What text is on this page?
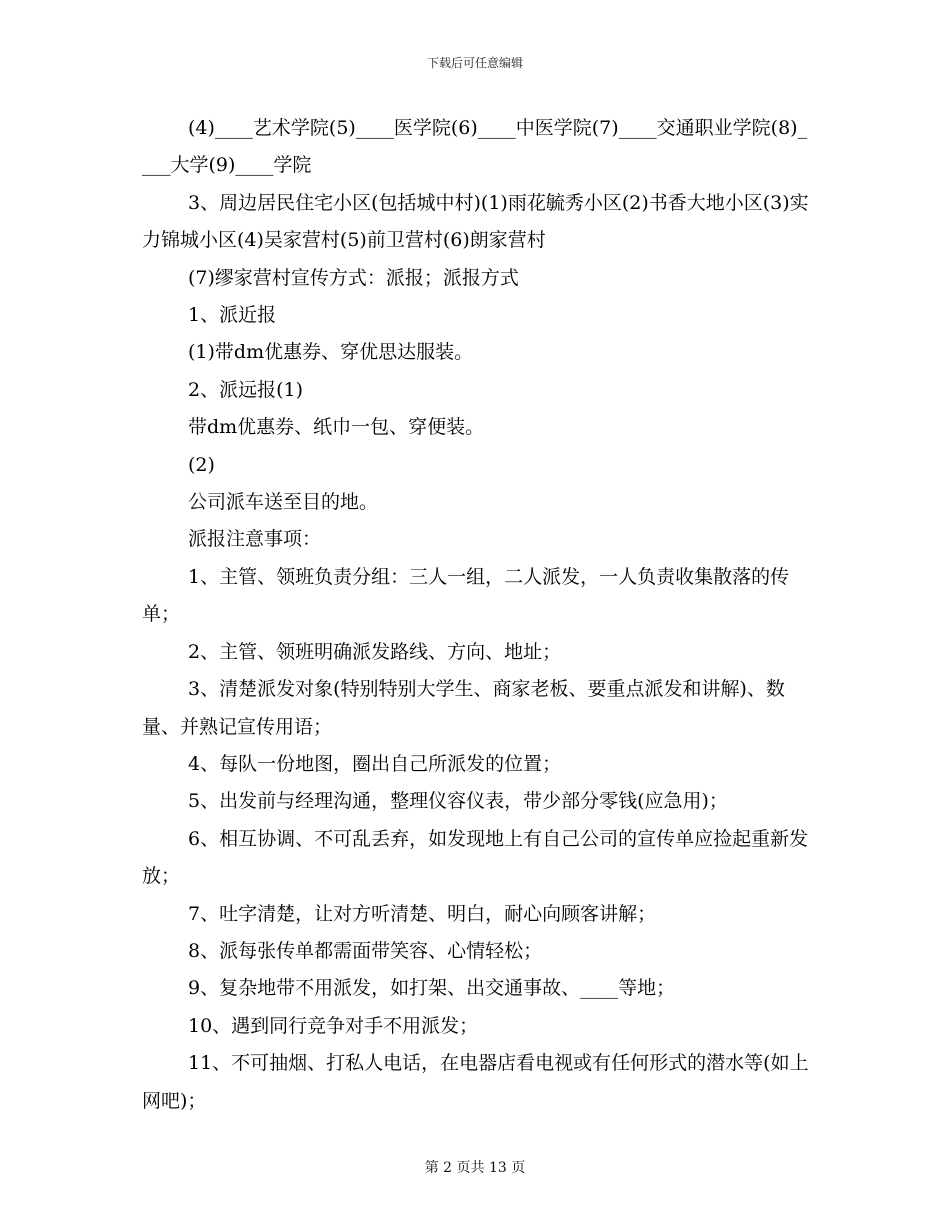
下载后可任意编辑

(4)____艺术学院(5)____医学院(6)____中医学院(7)____交通职业学院(8)____大学(9)____学院

3、周边居民住宅小区(包括城中村)(1)雨花毓秀小区(2)书香大地小区(3)实力锦城小区(4)吴家营村(5)前卫营村(6)朗家营村

(7)缪家营村宣传方式：派报；派报方式

1、派近报

(1)带dm优惠券、穿优思达服装。

2、派远报(1)

带dm优惠券、纸巾一包、穿便装。

(2)

公司派车送至目的地。

派报注意事项：

1、主管、领班负责分组：三人一组，二人派发，一人负责收集散落的传单；

2、主管、领班明确派发路线、方向、地址；

3、清楚派发对象(特别特别大学生、商家老板、要重点派发和讲解)、数量、并熟记宣传用语；

4、每队一份地图，圈出自己所派发的位置；

5、出发前与经理沟通，整理仪容仪表，带少部分零钱(应急用)；

6、相互协调、不可乱丢弃，如发现地上有自己公司的宣传单应捡起重新发放；

7、吐字清楚，让对方听清楚、明白，耐心向顾客讲解；

8、派每张传单都需面带笑容、心情轻松；

9、复杂地带不用派发，如打架、出交通事故、____等地；

10、遇到同行竞争对手不用派发；

11、不可抽烟、打私人电话，在电器店看电视或有任何形式的潜水等(如上网吧)；

第 2 页共 13 页
